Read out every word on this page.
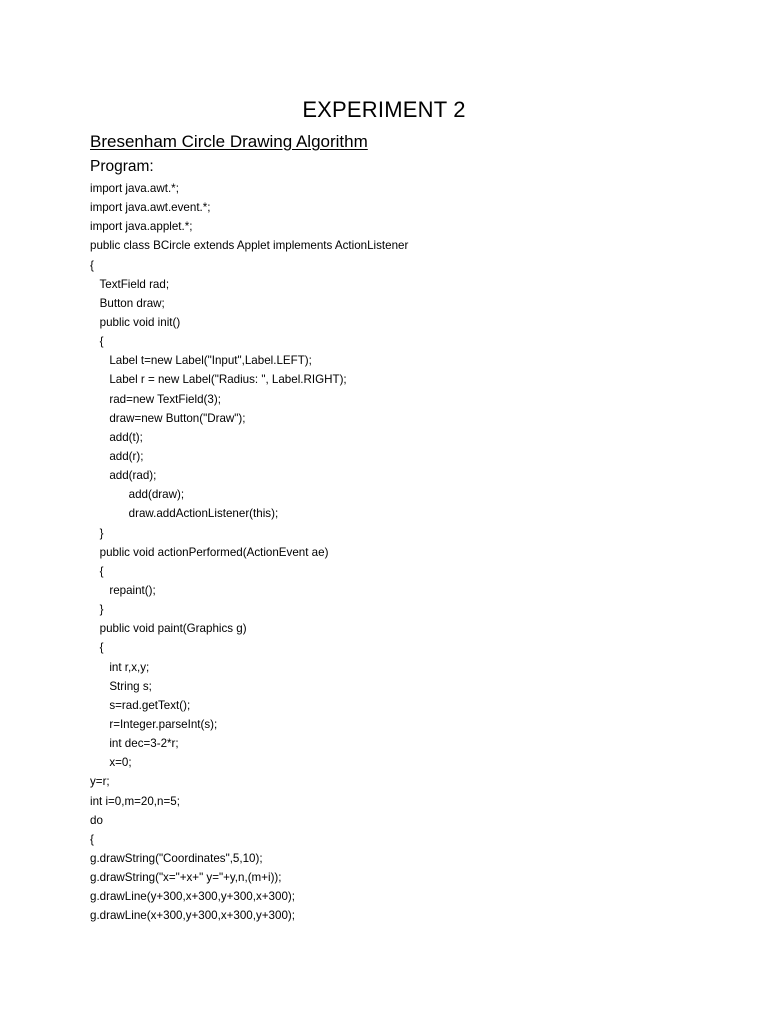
EXPERIMENT 2
Bresenham Circle Drawing Algorithm
Program:
import java.awt.*;
import java.awt.event.*;
import java.applet.*;
public class BCircle extends Applet implements ActionListener
{
TextField rad;
Button draw;
public void init()
{
Label t=new Label("Input",Label.LEFT);
Label r = new Label("Radius: ", Label.RIGHT);
rad=new TextField(3);
draw=new Button("Draw");
add(t);
add(r);
add(rad);
add(draw);
draw.addActionListener(this);
}
public void actionPerformed(ActionEvent ae)
{
repaint();
}
public void paint(Graphics g)
{
int r,x,y;
String s;
s=rad.getText();
r=Integer.parseInt(s);
int dec=3-2*r;
x=0;
y=r;
int i=0,m=20,n=5;
do
{
g.drawString("Coordinates",5,10);
g.drawString("x="+x+" y="+y,n,(m+i));
g.drawLine(y+300,x+300,y+300,x+300);
g.drawLine(x+300,y+300,x+300,y+300);
